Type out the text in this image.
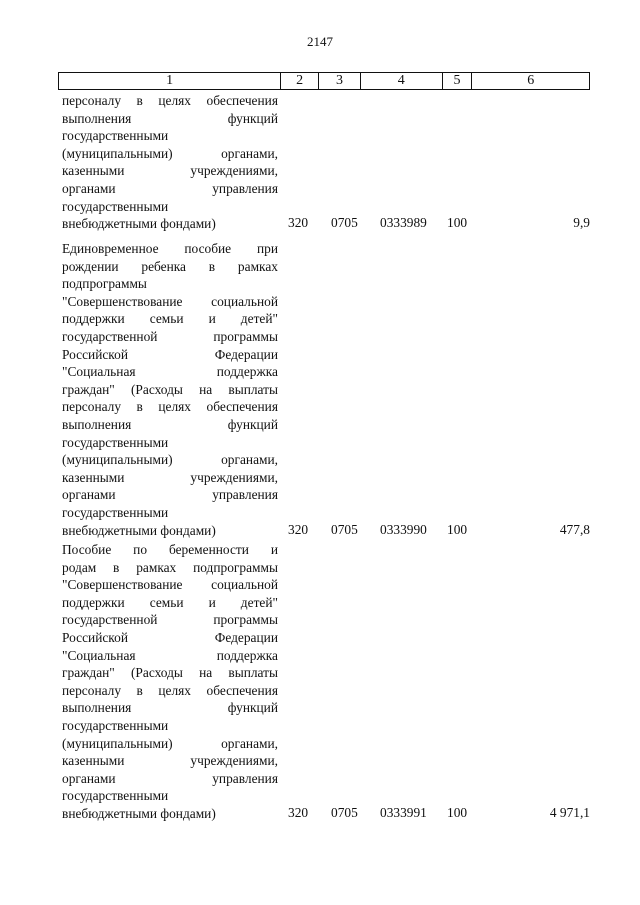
2147
1	2	3	4	5	6
персоналу в целях обеспечения
выполнения функций
государственными
(муниципальными) органами,
казенными учреждениями,
органами управления
государственными
внебюджетными фондами)	320 0705 0333989 100	9,9
Единовременное пособие при
рождении ребенка в рамках
подпрограммы
"Совершенствование социальной
поддержки семьи и детей"
государственной программы
Российской Федерации
"Социальная поддержка
граждан" (Расходы на выплаты
персоналу в целях обеспечения
выполнения функций
государственными
(муниципальными) органами,
казенными учреждениями,
органами управления
государственными
внебюджетными фондами)	320 0705 0333990 100	477,8
Пособие по беременности и
родам в рамках подпрограммы
"Совершенствование социальной
поддержки семьи и детей"
государственной программы
Российской Федерации
"Социальная поддержка
граждан" (Расходы на выплаты
персоналу в целях обеспечения
выполнения функций
государственными
(муниципальными) органами,
казенными учреждениями,
органами управления
государственными
внебюджетными фондами)	320 0705 0333991 100	4 971,1
